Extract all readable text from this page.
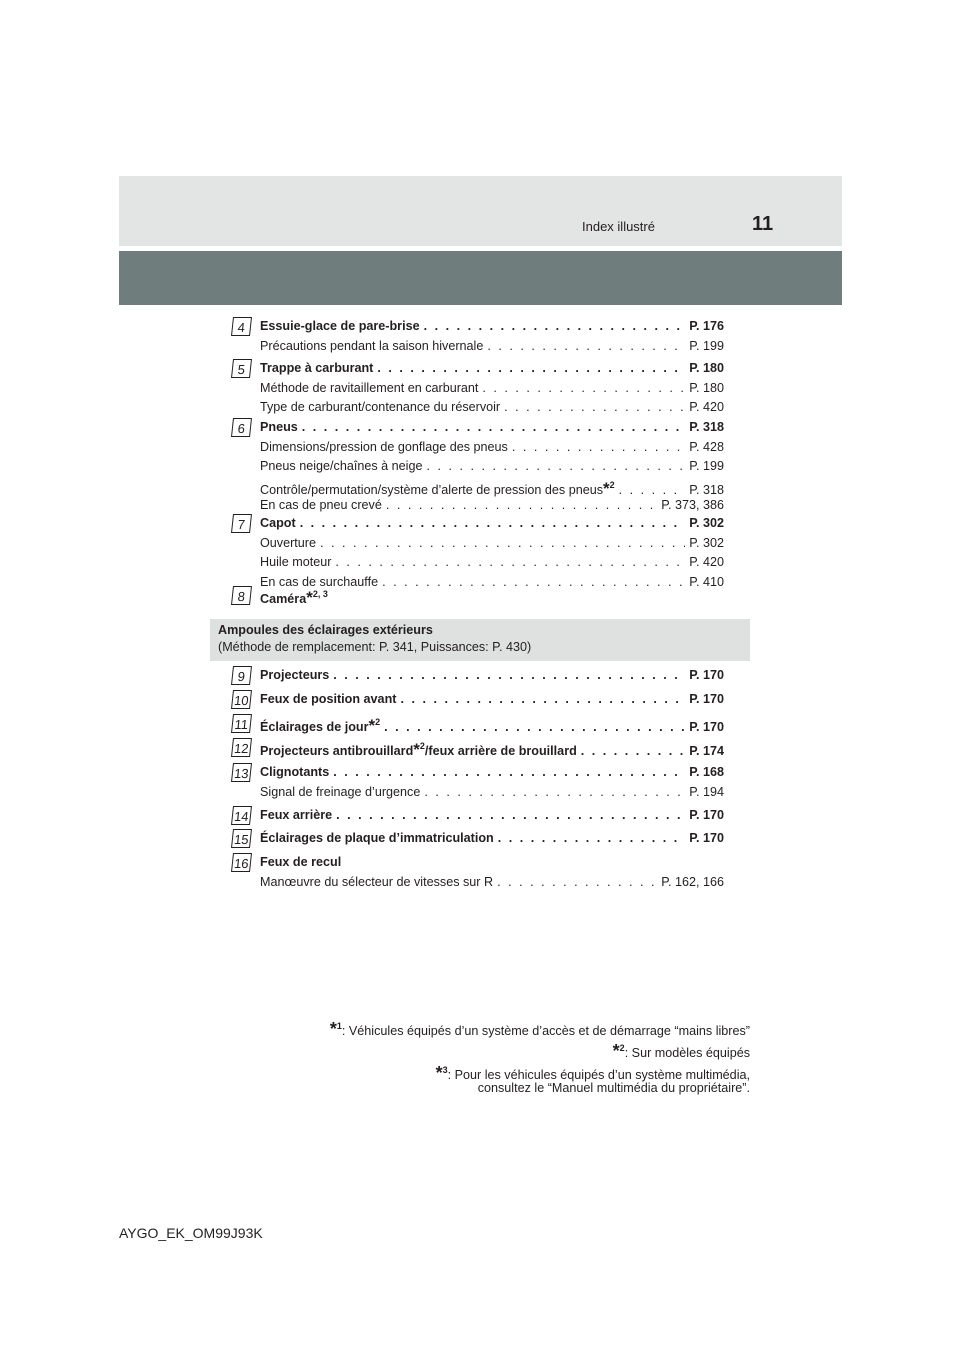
Index illustré	11
4	Essuie-glace de pare-brise . . .	P. 176
Précautions pendant la saison hivernale . . .	P. 199
5	Trappe à carburant . . .	P. 180
Méthode de ravitaillement en carburant . . .	P. 180
Type de carburant/contenance du réservoir . . .	P. 420
6	Pneus . . .	P. 318
Dimensions/pression de gonflage des pneus . . .	P. 428
Pneus neige/chaînes à neige . . .	P. 199
Contrôle/permutation/système d’alerte de pression des pneus*$^2$ . . .	P. 318
En cas de pneu crevé . . .	P. 373, 386
7	Capot . . .	P. 302
Ouverture . . .	P. 302
Huile moteur . . .	P. 420
En cas de surchauffe . . .	P. 410
8	Caméra*$^{2, 3}$
Ampoules des éclairages extérieurs
(Méthode de remplacement: P. 341, Puissances: P. 430)
9	Projecteurs . . .	P. 170
10 Feux de position avant . . .	P. 170
11 Éclairages de jour*$^2$ . . .	P. 170
12 Projecteurs antibrouillard*$^2$/feux arrière de brouillard . . .	P. 174
13 Clignotants . . .	P. 168
Signal de freinage d’urgence . . .	P. 194
14 Feux arrière . . .	P. 170
15 Éclairages de plaque d’immatriculation . . .	P. 170
16 Feux de recul
Manœuvre du sélecteur de vitesses sur R . . .	P. 162, 166
*$^1$: Véhicules équipés d’un système d’accès et de démarrage “mains libres”
*$^2$: Sur modèles équipés
*$^3$: Pour les véhicules équipés d’un système multimédia,
consultez le “Manuel multimédia du propriétaire”.
AYGO_EK_OM99J93K
